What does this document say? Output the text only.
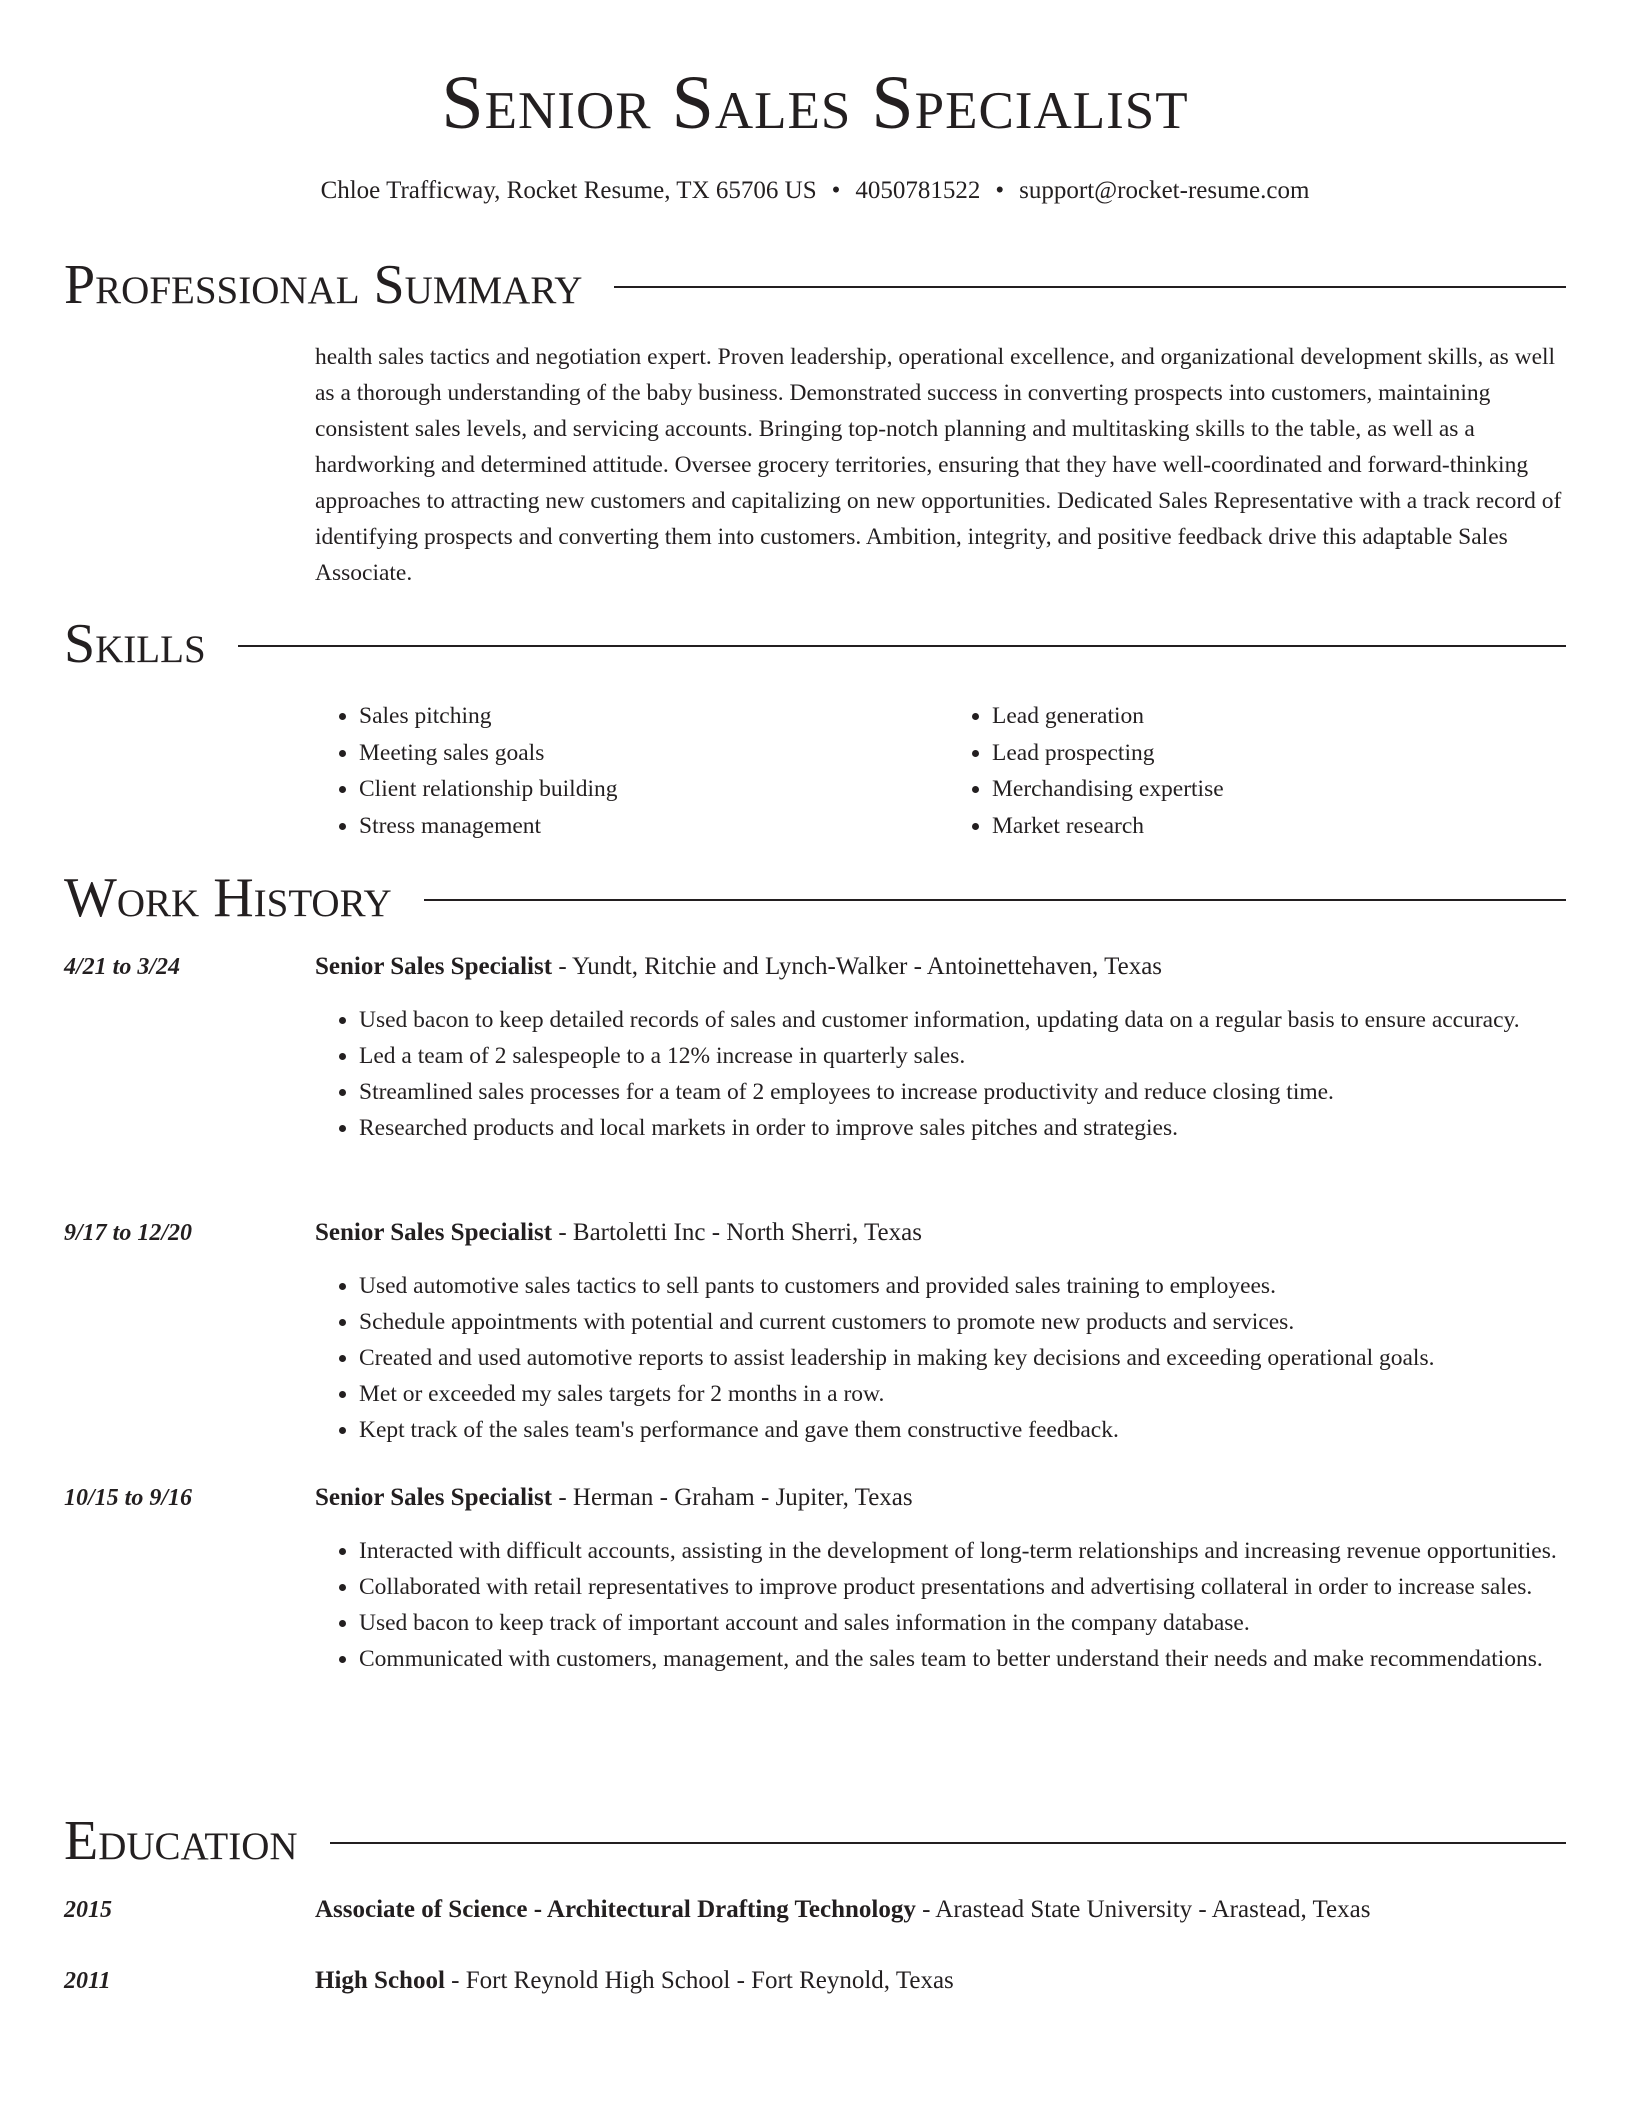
Senior Sales Specialist
Chloe Trafficway, Rocket Resume, TX 65706 US • 4050781522 • support@rocket-resume.com
Professional Summary

health sales tactics and negotiation expert. Proven leadership, operational excellence, and organizational development skills, as well as a thorough understanding of the baby business. Demonstrated success in converting prospects into customers, maintaining consistent sales levels, and servicing accounts. Bringing top-notch planning and multitasking skills to the table, as well as a hardworking and determined attitude. Oversee grocery territories, ensuring that they have well-coordinated and forward-thinking approaches to attracting new customers and capitalizing on new opportunities. Dedicated Sales Representative with a track record of identifying prospects and converting them into customers. Ambition, integrity, and positive feedback drive this adaptable Sales Associate.

Skills
• Sales pitching
• Meeting sales goals
• Client relationship building
• Stress management
• Lead generation
• Lead prospecting
• Merchandising expertise
• Market research
Work History
4/21 to 3/24	Senior Sales Specialist - Yundt, Ritchie and Lynch-Walker - Antoinettehaven, Texas
• Used bacon to keep detailed records of sales and customer information, updating data on a regular basis to ensure accuracy.
• Led a team of 2 salespeople to a 12% increase in quarterly sales.
• Streamlined sales processes for a team of 2 employees to increase productivity and reduce closing time.
• Researched products and local markets in order to improve sales pitches and strategies.
9/17 to 12/20	Senior Sales Specialist - Bartoletti Inc - North Sherri, Texas
• Used automotive sales tactics to sell pants to customers and provided sales training to employees.
• Schedule appointments with potential and current customers to promote new products and services.
• Created and used automotive reports to assist leadership in making key decisions and exceeding operational goals.
• Met or exceeded my sales targets for 2 months in a row.
• Kept track of the sales team's performance and gave them constructive feedback.
10/15 to 9/16	Senior Sales Specialist - Herman - Graham - Jupiter, Texas
• Interacted with difficult accounts, assisting in the development of long-term relationships and increasing revenue opportunities.
• Collaborated with retail representatives to improve product presentations and advertising collateral in order to increase sales.
• Used bacon to keep track of important account and sales information in the company database.
• Communicated with customers, management, and the sales team to better understand their needs and make recommendations.
Education
2015	Associate of Science - Architectural Drafting Technology - Arastead State University - Arastead, Texas
2011	High School - Fort Reynold High School - Fort Reynold, Texas
